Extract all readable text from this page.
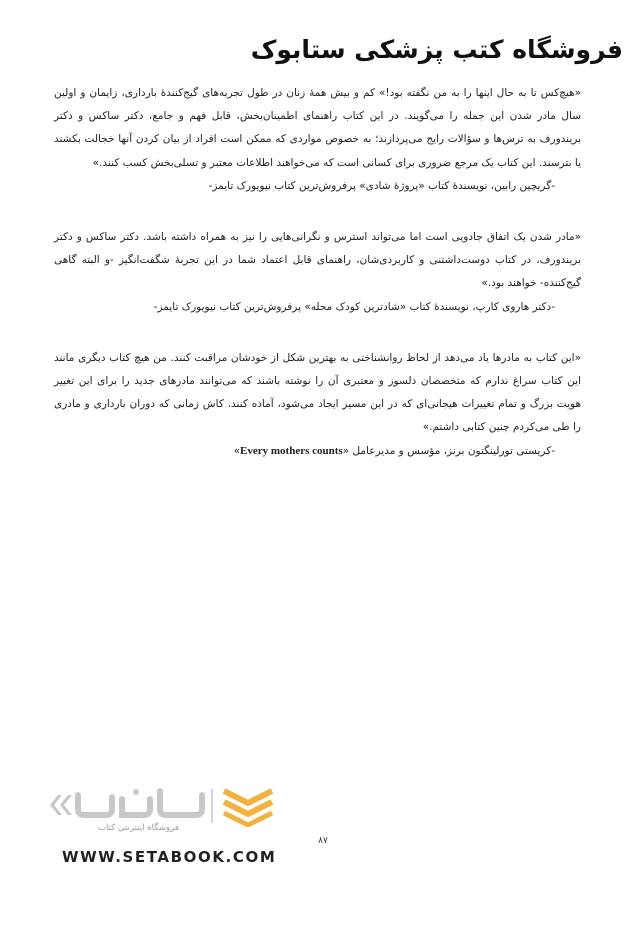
فروشگاه کتب پزشکی ستابوک

«هیچ‌کس تا به حال اینها را به من نگفته بود!» کم و بیش همهٔ زنان در طول تجربه‌های گیج‌کنندهٔ بارداری، زایمان و اولین سال مادر شدن این جمله را می‌گویند. در این کتاب راهنمای اطمینان‌بخش، قابل فهم و جامع، دکتر ساکس و دکتر بریندورف به ترس‌ها و سؤالات رایج می‌پردازند؛ به خصوص مواردی که ممکن است افراد از بیان کردن آنها خجالت بکشند یا بترسند. این کتاب یک مرجع ضروری برای کسانی است که می‌خواهند اطلاعات معتبر و تسلی‌بخش کسب کنند.»

-گریچین رابین، نویسندهٔ کتاب «پروژهٔ شادی» پرفروش‌ترین کتاب نیویورک تایمز-

«مادر شدن یک اتفاق جادویی است اما می‌تواند استرس و نگرانی‌هایی را نیز به همراه داشته باشد. دکتر ساکس و دکتر بریندورف، در کتاب دوست‌داشتنی و کاربردی‌شان، راهنمای قابل اعتماد شما در این تجربهٔ شگفت‌انگیز -و البته گاهی گیج‌کننده- خواهند بود.»

-دکتر هاروی کارپ، نویسندهٔ کتاب «شادترین کودک محله» پرفروش‌ترین کتاب نیویورک تایمز-

«این کتاب به مادرها یاد می‌دهد از لحاظ روانشناختی به بهترین شکل از خودشان مراقبت کنند. من هیچ کتاب دیگری مانند این کتاب سراغ ندارم که متخصصان دلسوز و معتبری آن را نوشته باشند که می‌توانند مادرهای جدید را برای این تغییر هویت بزرگ و تمام تغییرات هیجانی‌ای که در این مسیر ایجاد می‌شود، آماده کنند. کاش زمانی که دوران بارداری و مادری را طی می‌کردم چنین کتابی داشتم.»

-کریستی تورلینگتون برنز، مؤسس و مدیرعامل «Every mothers counts»

۸۷
فروشگاه اینترنتی کتاب
WWW.SETABOOK.COM
